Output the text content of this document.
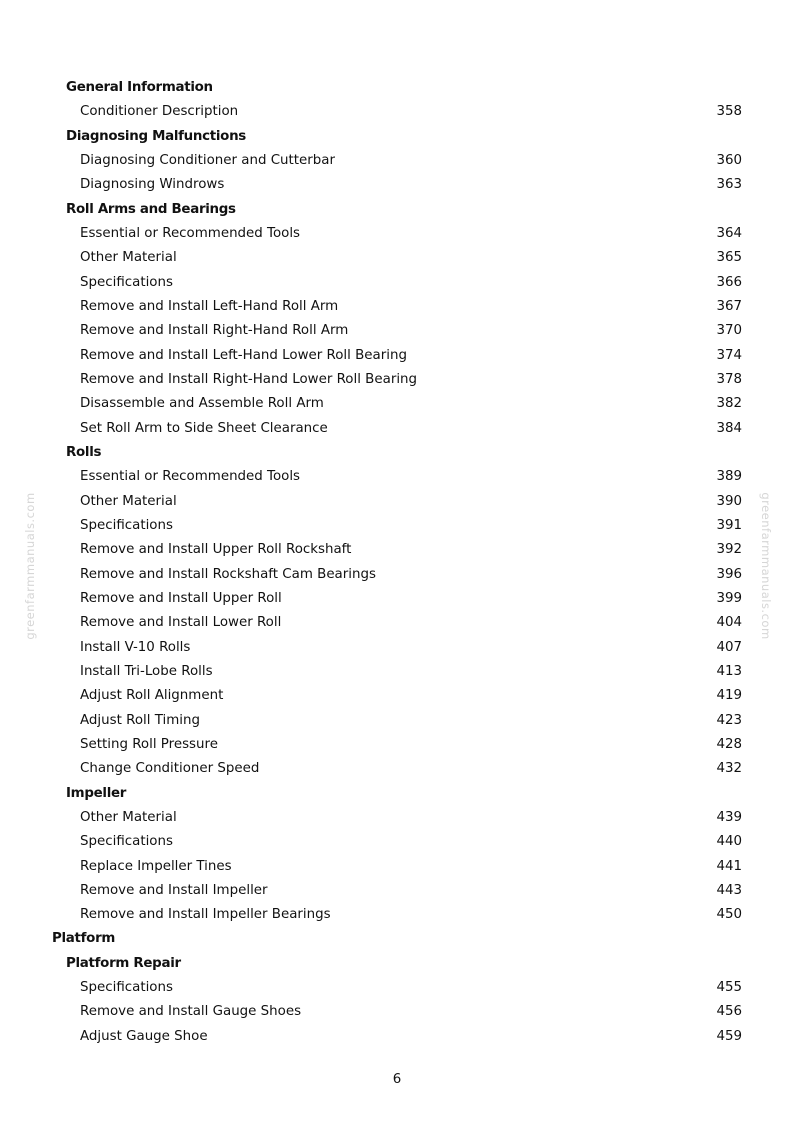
greenfarmmanuals.com	greenfarmmanuals.com
General Information
Conditioner Description	358
Diagnosing Malfunctions
Diagnosing Conditioner and Cutterbar	360
Diagnosing Windrows	363
Roll Arms and Bearings
Essential or Recommended Tools	364
Other Material	365
Specifications	366
Remove and Install Left-Hand Roll Arm	367
Remove and Install Right-Hand Roll Arm	370
Remove and Install Left-Hand Lower Roll Bearing	374
Remove and Install Right-Hand Lower Roll Bearing	378
Disassemble and Assemble Roll Arm	382
Set Roll Arm to Side Sheet Clearance	384
Rolls
Essential or Recommended Tools	389
Other Material	390
Specifications	391
Remove and Install Upper Roll Rockshaft	392
Remove and Install Rockshaft Cam Bearings	396
Remove and Install Upper Roll	399
Remove and Install Lower Roll	404
Install V-10 Rolls	407
Install Tri-Lobe Rolls	413
Adjust Roll Alignment	419
Adjust Roll Timing	423
Setting Roll Pressure	428
Change Conditioner Speed	432
Impeller
Other Material	439
Specifications	440
Replace Impeller Tines	441
Remove and Install Impeller	443
Remove and Install Impeller Bearings	450
Platform
Platform Repair
Specifications	455
Remove and Install Gauge Shoes	456
Adjust Gauge Shoe	459
6
